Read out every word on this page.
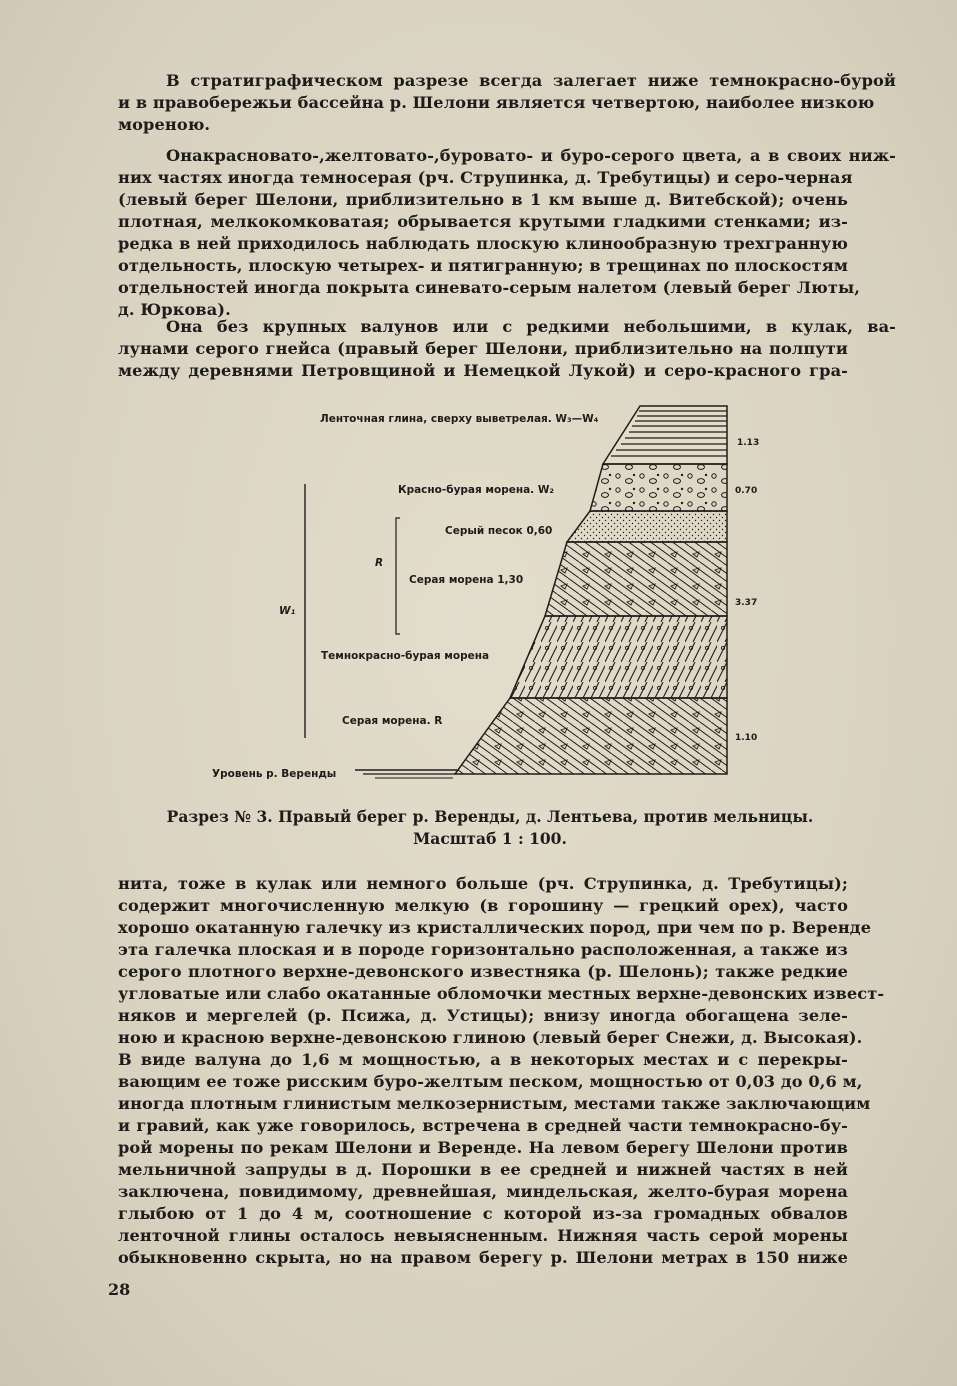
В стратиграфическом разрезе всегда залегает ниже темнокрасно-бурой
и в правобережьи бассейна р. Шелони является четвертою, наиболее низкою
мореною.
Онакрасновато-,желтовато-,буровато- и буро-серого цвета, а в своих ниж-
них частях иногда темносерая (рч. Струпинка, д. Требутицы) и серо-черная
(левый берег Шелони, приблизительно в 1 км выше д. Витебской); очень
плотная, мелкокомковатая; обрывается крутыми гладкими стенками; из-
редка в ней приходилось наблюдать плоскую клинообразную трехгранную
отдельность, плоскую четырех- и пятигранную; в трещинах по плоскостям
отдельностей иногда покрыта синевато-серым налетом (левый берег Люты,
д. Юркова).
Она без крупных валунов или с редкими небольшими, в кулак, ва-
лунами серого гнейса (правый берег Шелони, приблизительно на полпути
между деревнями Петровщиной и Немецкой Лукой) и серо-красного гра-
Ленточная глина, сверху выветрелая. W₃—W₄
Красно-бурая морена. W₂
Серый песок 0,60
Серая морена 1,30
Темнокрасно-бурая морена
Серая морена. R
Уровень р. Веренды
R
W₁
1.13
0.70
3.37
1.10
Разрез № 3. Правый берег р. Веренды, д. Лентьева, против мельницы.
Масштаб 1 : 100.
нита, тоже в кулак или немного больше (рч. Струпинка, д. Требутицы);
содержит многочисленную мелкую (в горошину — грецкий орех), часто
хорошо окатанную галечку из кристаллических пород, при чем по р. Веренде
эта галечка плоская и в породе горизонтально расположенная, а также из
серого плотного верхне-девонского известняка (р. Шелонь); также редкие
угловатые или слабо окатанные обломочки местных верхне-девонских извест-
няков и мергелей (р. Псижа, д. Устицы); внизу иногда обогащена зеле-
ною и красною верхне-девонскою глиною (левый берег Снежи, д. Высокая).
В виде валуна до 1,6 м мощностью, а в некоторых местах и с перекры-
вающим ее тоже рисским буро-желтым песком, мощностью от 0,03 до 0,6 м,
иногда плотным глинистым мелкозернистым, местами также заключающим
и гравий, как уже говорилось, встречена в средней части темнокрасно-бу-
рой морены по рекам Шелони и Веренде. На левом берегу Шелони против
мельничной запруды в д. Порошки в ее средней и нижней частях в ней
заключена, повидимому, древнейшая, миндельская, желто-бурая морена
глыбою от 1 до 4 м, соотношение с которой из-за громадных обвалов
ленточной глины осталось невыясненным. Нижняя часть серой морены
обыкновенно скрыта, но на правом берегу р. Шелони метрах в 150 ниже
28
